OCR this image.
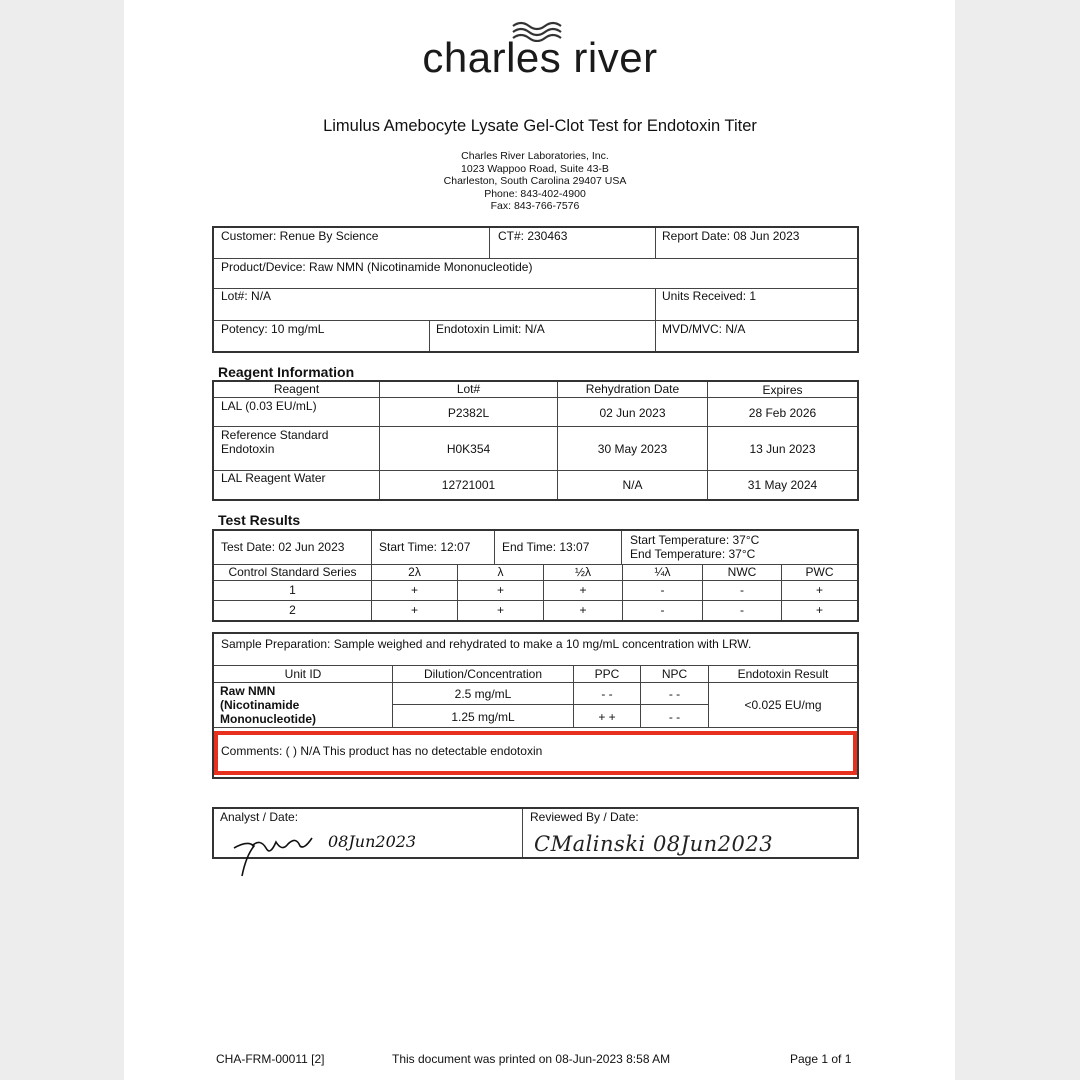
charles river
Limulus Amebocyte Lysate Gel-Clot Test for Endotoxin Titer
Charles River Laboratories, Inc.
1023 Wappoo Road, Suite 43-B
Charleston, South Carolina 29407 USA
Phone: 843-402-4900
Fax: 843-766-7576
Customer: Renue By Science	CT#: 230463	Report Date: 08 Jun 2023
Product/Device: Raw NMN (Nicotinamide Mononucleotide)
Lot#: N/A	Units Received: 1
Potency: 10 mg/mL	Endotoxin Limit: N/A	MVD/MVC: N/A
Reagent Information
Reagent	Lot#	Rehydration Date	Expires
LAL (0.03 EU/mL)	P2382L	02 Jun 2023	28 Feb 2026
Reference Standard
Endotoxin	H0K354	30 May 2023	13 Jun 2023
LAL Reagent Water	12721001	N/A	31 May 2024
Test Results
Test Date: 02 Jun 2023	Start Time: 12:07	End Time: 13:07	Start Temperature: 37°C
End Temperature: 37°C
Control Standard Series	2λ	λ	½λ	¼λ	NWC	PWC
1	+	+	+	-	-	+
2	+	+	+	-	-	+
Sample Preparation: Sample weighed and rehydrated to make a 10 mg/mL concentration with LRW.
Unit ID	Dilution/Concentration	PPC	NPC	Endotoxin Result
Raw NMN
(Nicotinamide
Mononucleotide)
2.5 mg/mL	- -	- -
1.25 mg/mL	+ +	- -
<0.025 EU/mg
Comments: ( ) N/A This product has no detectable endotoxin
Analyst / Date:	Reviewed By / Date:
08Jun2023	CMalinski 08Jun2023
CHA-FRM-00011 [2]	This document was printed on 08-Jun-2023 8:58 AM	Page 1 of 1
